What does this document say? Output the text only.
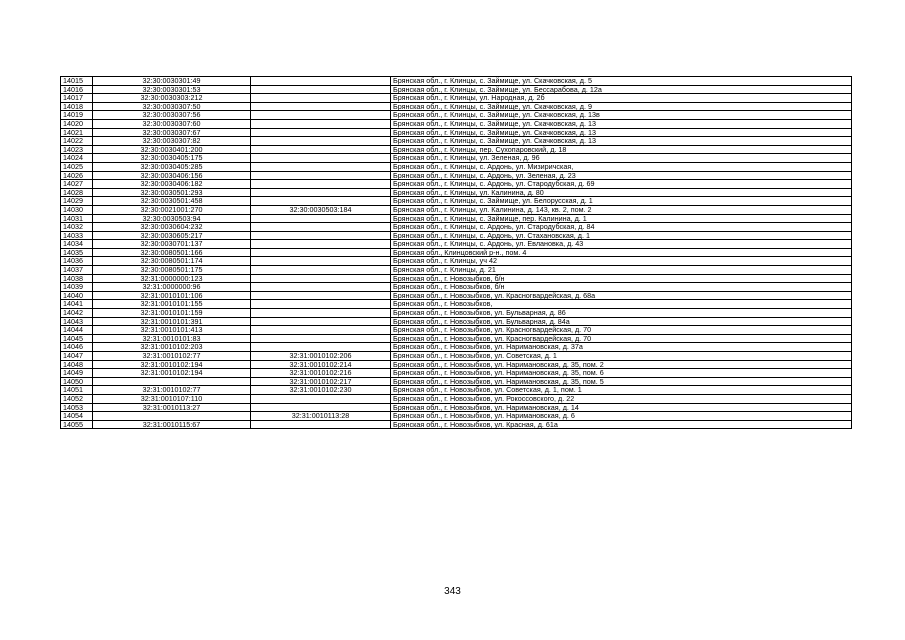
14015	32:30:0030301:49		Брянская обл., г. Клинцы, с. Займище, ул. Скачковская, д. 5
14016	32:30:0030301:53		Брянская обл., г. Клинцы, с. Займище, ул. Бессарабова, д. 12а
14017	32:30:0030303:212		Брянская обл., г. Клинцы, ул. Народная, д. 2б
14018	32:30:0030307:50		Брянская обл., г. Клинцы, с. Займище, ул. Скачковская, д. 9
14019	32:30:0030307:56		Брянская обл., г. Клинцы, с. Займище, ул. Скачковская, д. 13в
14020	32:30:0030307:60		Брянская обл., г. Клинцы, с. Займище, ул. Скачковская, д. 13
14021	32:30:0030307:67		Брянская обл., г. Клинцы, с. Займище, ул. Скачковская, д. 13
14022	32:30:0030307:82		Брянская обл., г. Клинцы, с. Займище, ул. Скачковская, д. 13
14023	32:30:0030401:200		Брянская обл., г. Клинцы, пер. Сухопаровский, д. 18
14024	32:30:0030405:175		Брянская обл., г. Клинцы, ул. Зеленая, д. 96
14025	32:30:0030405:285		Брянская обл., г. Клинцы, с. Ардонь, ул. Мизиричская,
14026	32:30:0030406:156		Брянская обл., г. Клинцы, с. Ардонь, ул. Зеленая, д. 23
14027	32:30:0030406:182		Брянская обл., г. Клинцы, с. Ардонь, ул. Стародубская, д. 69
14028	32:30:0030501:293		Брянская обл., г. Клинцы, ул. Калинина, д. 80
14029	32:30:0030501:458		Брянская обл., г. Клинцы, с. Займище, ул. Белорусская, д. 1
14030	32:30:0021001:270	32:30:0030503:184	Брянская обл., г. Клинцы, ул. Калинина, д. 143, кв. 2, пом. 2
14031	32:30:0030503:94		Брянская обл., г. Клинцы, с. Займище, пер. Калинина, д. 1
14032	32:30:0030604:232		Брянская обл., г. Клинцы, с. Ардонь, ул. Стародубская, д. 84
14033	32:30:0030605:217		Брянская обл., г. Клинцы, с. Ардонь, ул. Стахановская, д. 1
14034	32:30:0030701:137		Брянская обл., г. Клинцы, с. Ардонь, ул. Евлановка, д. 43
14035	32:30:0080501:166		Брянская обл., Клинцовский р-н., пом. 4
14036	32:30:0080501:174		Брянская обл., г. Клинцы, уч 42
14037	32:30:0080501:175		Брянская обл., г. Клинцы, д. 21
14038	32:31:0000000:123		Брянская обл., г. Новозыбков, б/н
14039	32:31:0000000:96		Брянская обл., г. Новозыбков, б/н
14040	32:31:0010101:106		Брянская обл., г. Новозыбков, ул. Красногвардейская, д. 68а
14041	32:31:0010101:155		Брянская обл., г. Новозыбков,
14042	32:31:0010101:159		Брянская обл., г. Новозыбков, ул. Бульварная, д. 86
14043	32:31:0010101:391		Брянская обл., г. Новозыбков, ул. Бульварная, д. 84а
14044	32:31:0010101:413		Брянская обл., г. Новозыбков, ул. Красногвардейская, д. 70
14045	32:31:0010101:83		Брянская обл., г. Новозыбков, ул. Красногвардейская, д. 70
14046	32:31:0010102:203		Брянская обл., г. Новозыбков, ул. Наримановская, д. 37а
14047	32:31:0010102:77	32:31:0010102:206	Брянская обл., г. Новозыбков, ул. Советская, д. 1
14048	32:31:0010102:194	32:31:0010102:214	Брянская обл., г. Новозыбков, ул. Наримановская, д. 35, пом. 2
14049	32:31:0010102:194	32:31:0010102:216	Брянская обл., г. Новозыбков, ул. Наримановская, д. 35, пом. 6
14050		32:31:0010102:217	Брянская обл., г. Новозыбков, ул. Наримановская, д. 35, пом. 5
14051	32:31:0010102:77	32:31:0010102:230	Брянская обл., г. Новозыбков, ул. Советская, д. 1, пом. 1
14052	32:31:0010107:110		Брянская обл., г. Новозыбков, ул. Рокоссовского, д. 22
14053	32:31:0010113:27		Брянская обл., г. Новозыбков, ул. Наримановская, д. 14
14054		32:31:0010113:28	Брянская обл., г. Новозыбков, ул. Наримановская, д. 6
14055	32:31:0010115:67		Брянская обл., г. Новозыбков, ул. Красная, д. 61а
343
